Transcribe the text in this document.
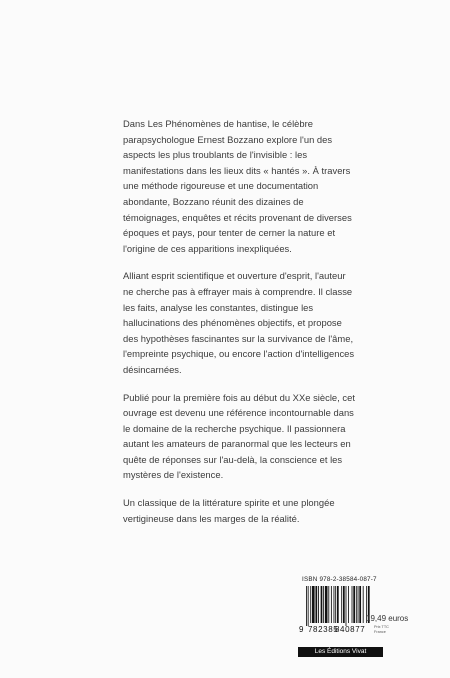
Dans Les Phénomènes de hantise, le célèbre parapsychologue Ernest Bozzano explore l'un des aspects les plus troublants de l'invisible : les manifestations dans les lieux dits « hantés ». À travers une méthode rigoureuse et une documentation abondante, Bozzano réunit des dizaines de témoignages, enquêtes et récits provenant de diverses époques et pays, pour tenter de cerner la nature et l'origine de ces apparitions inexpliquées.

Alliant esprit scientifique et ouverture d'esprit, l'auteur ne cherche pas à effrayer mais à comprendre. Il classe les faits, analyse les constantes, distingue les hallucinations des phénomènes objectifs, et propose des hypothèses fascinantes sur la survivance de l'âme, l'empreinte psychique, ou encore l'action d'intelligences désincarnées.

Publié pour la première fois au début du XXe siècle, cet ouvrage est devenu une référence incontournable dans le domaine de la recherche psychique. Il passionnera autant les amateurs de paranormal que les lecteurs en quête de réponses sur l'au-delà, la conscience et les mystères de l'existence.

Un classique de la littérature spirite et une plongée vertigineuse dans les marges de la réalité.

ISBN 978-2-38584-087-7
9 782385
840877
19,49 euros
Prix TTC
France
Les Éditions Vivat
